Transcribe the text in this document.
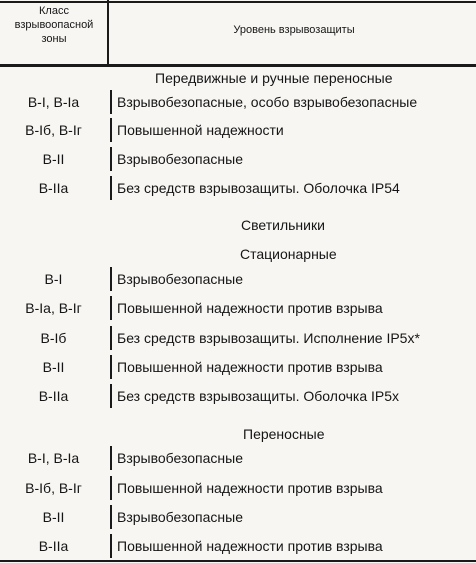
Класс взрывоопасной зоны
Уровень взрывозащиты
Передвижные и ручные переносные
В-I, В-Ia	Взрывобезопасные, особо взрывобезопасные
В-Iб, В-Iг	Повышенной надежности
В-II	Взрывобезопасные
В-IIа	Без средств взрывозащиты. Оболочка IP54
Светильники
Стационарные
В-I	Взрывобезопасные
В-Iа, В-Iг	Повышенной надежности против взрыва
В-Iб	Без средств взрывозащиты. Исполнение IP5x*
В-II	Повышенной надежности против взрыва
В-IIа	Без средств взрывозащиты. Оболочка IP5x
Переносные
В-I, В-Iа	Взрывобезопасные
В-Iб, В-Iг	Повышенной надежности против взрыва
В-II	Взрывобезопасные
В-IIа	Повышенной надежности против взрыва
